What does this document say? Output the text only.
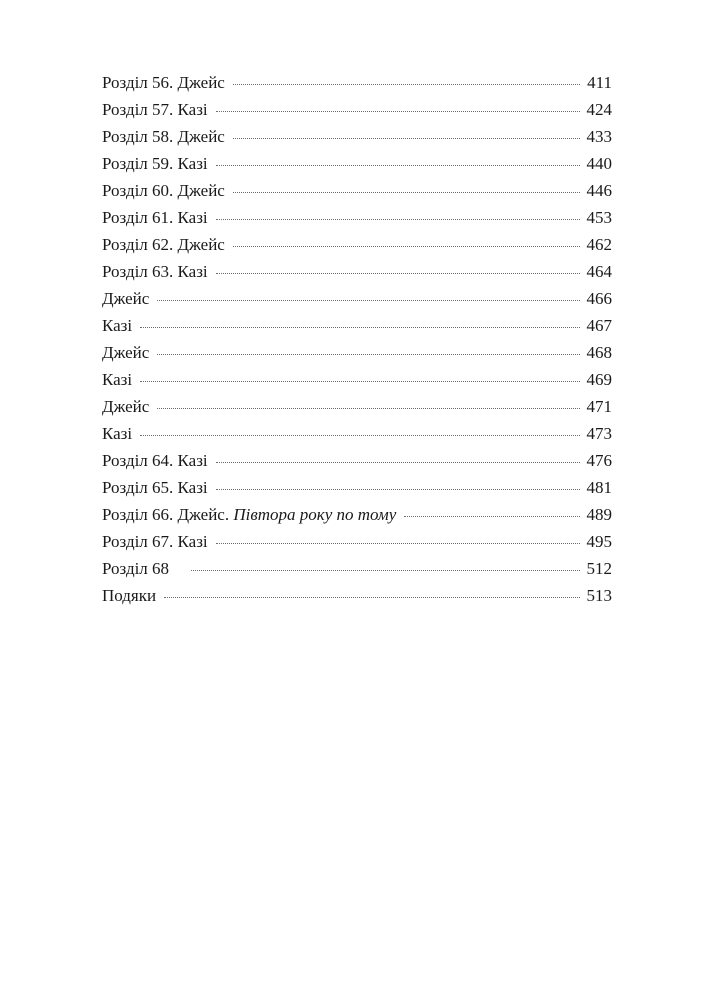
Розділ 56. Джейс	411
Розділ 57. Казі	424
Розділ 58. Джейс	433
Розділ 59. Казі	440
Розділ 60. Джейс	446
Розділ 61. Казі	453
Розділ 62. Джейс	462
Розділ 63. Казі	464
Джейс	466
Казі	467
Джейс	468
Казі	469
Джейс	471
Казі	473
Розділ 64. Казі	476
Розділ 65. Казі	481
Розділ 66. Джейс. Півтора року по тому	489
Розділ 67. Казі	495
Розділ 68	512
Подяки	513
